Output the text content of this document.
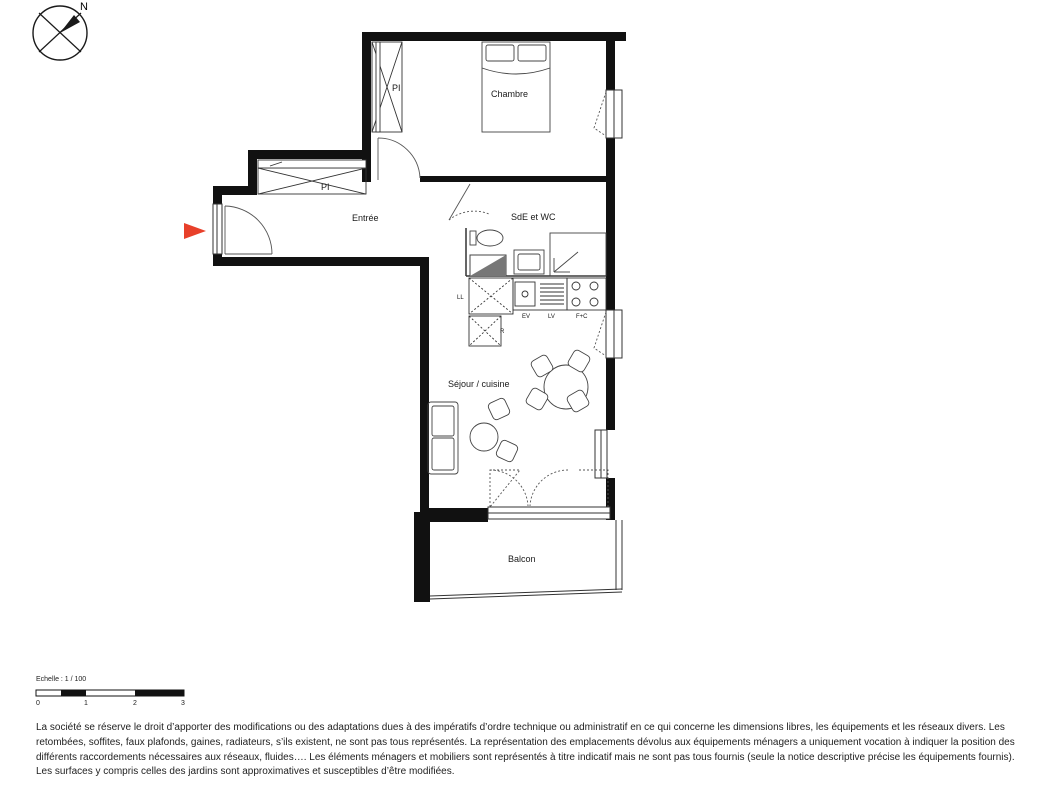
N
PI
PI
LL
R
EV	LV	F+C
Chambre
Entrée	SdE et WC
Séjour / cuisine
Balcon
Echelle : 1 / 100
0	1	2	3

La société se réserve le droit d’apporter des modifications ou des adaptations dues à des impératifs d’ordre technique ou administratif en ce qui concerne les dimensions libres, les équipements et les réseaux divers. Les retombées, soffites, faux plafonds, gaines, radiateurs, s’ils existent, ne sont pas tous représentés. La représentation des emplacements dévolus aux équipements ménagers a uniquement vocation à indiquer la position des différents raccordements nécessaires aux réseaux, fluides…. Les éléments ménagers et mobiliers sont représentés à titre indicatif mais ne sont pas tous fournis (seule la notice descriptive précise les équipements fournis).

Les surfaces y compris celles des jardins sont approximatives et susceptibles d’être modifiées.
